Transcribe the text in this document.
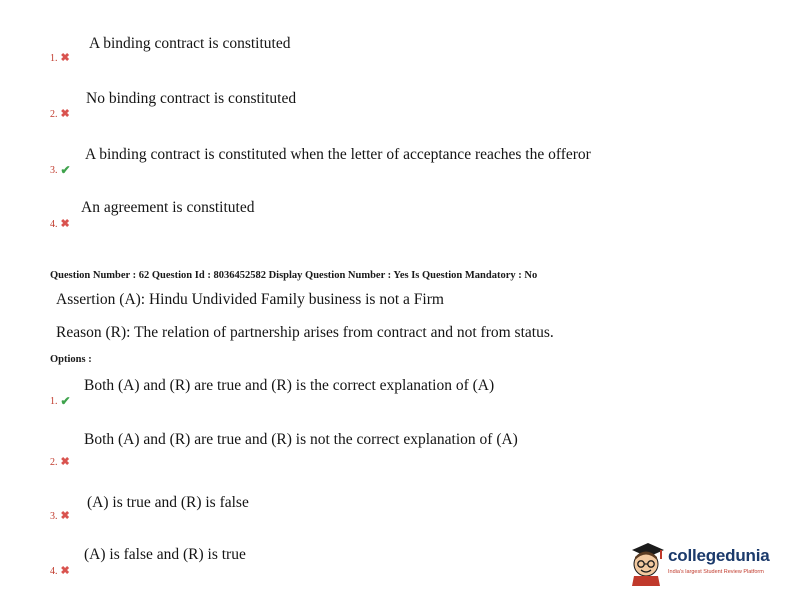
A binding contract is constituted
1. ✖
No binding contract is constituted
2. ✖
A binding contract is constituted when the letter of acceptance reaches the offeror
3. ✔
An agreement is constituted
4. ✖
Question Number : 62 Question Id : 8036452582 Display Question Number : Yes Is Question Mandatory : No
Assertion (A): Hindu Undivided Family business is not a Firm
Reason (R): The relation of partnership arises from contract and not from status.
Options :
Both (A) and (R) are true and (R) is the correct explanation of (A)
1. ✔
Both (A) and (R) are true and (R) is not the correct explanation of (A)
2. ✖
(A) is true and (R) is false
3. ✖
(A) is false and (R) is true
4. ✖
collegedunia
India's largest Student Review Platform
